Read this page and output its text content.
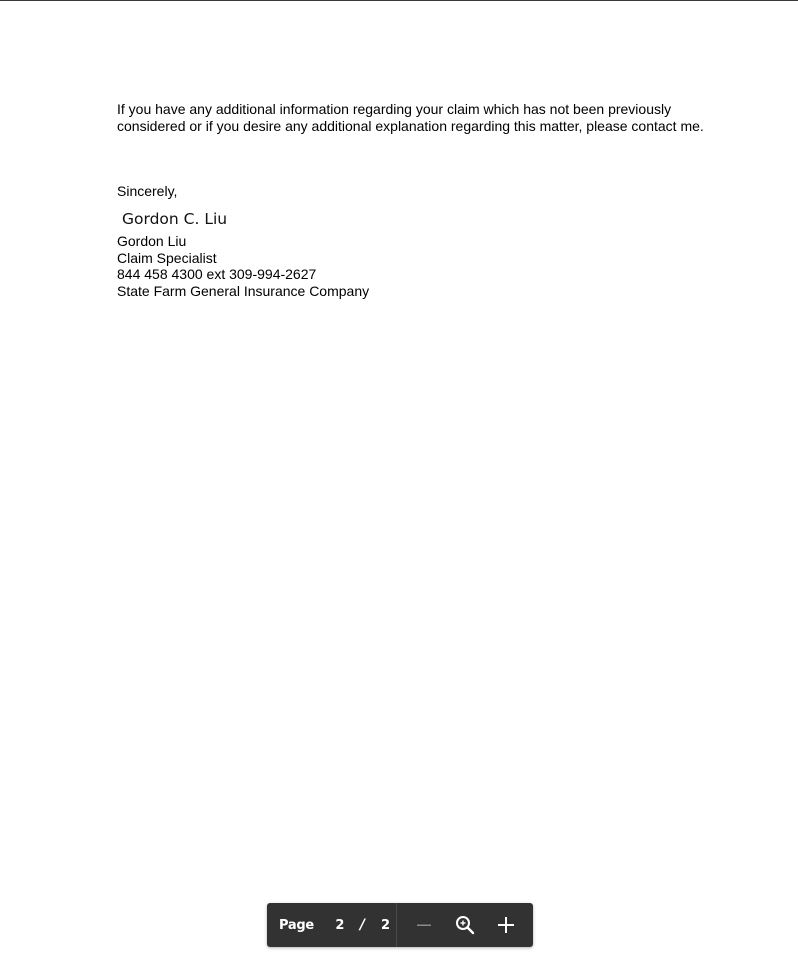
If you have any additional information regarding your claim which has not been previously

considered or if you desire any additional explanation regarding this matter, please contact me.

Sincerely,
Gordon C. Liu
Gordon Liu
Claim Specialist
844 458 4300 ext 309-994-2627
State Farm General Insurance Company
Page 2 / 2
